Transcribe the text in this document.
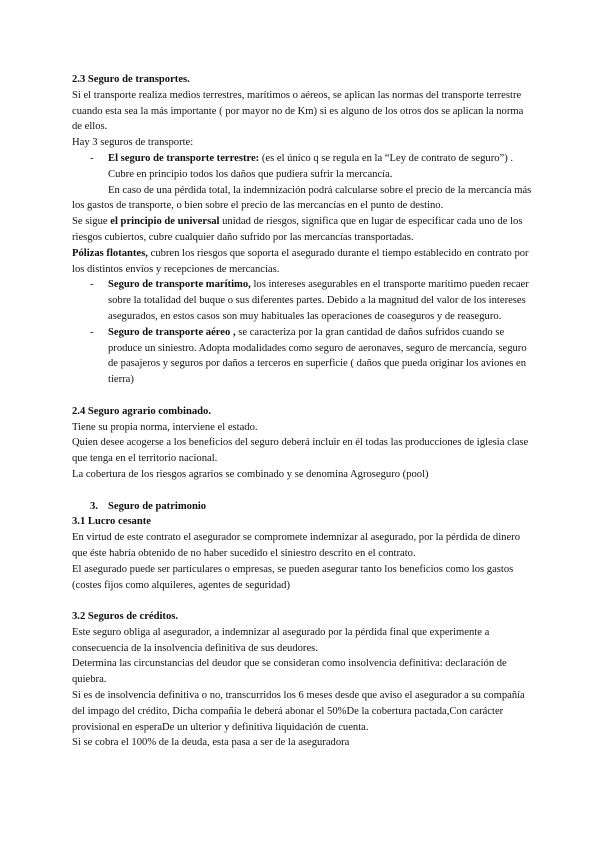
2.3 Seguro de transportes.

Si el transporte realiza medios terrestres, marítimos o aéreos, se aplican las normas del transporte terrestre cuando esta sea la más importante ( por mayor no de Km) si es alguno de los otros dos se aplican la norma de ellos.

Hay 3 seguros de transporte:

- El seguro de transporte terrestre: (es el único q se regula en la “Ley de contrato de seguro”) . Cubre en principio todos los daños que pudiera sufrir la mercancía.

En caso de una pérdida total, la indemnización podrá calcularse sobre el precio de la mercancía más los gastos de transporte, o bien sobre el precio de las mercancías en el punto de destino.

Se sigue el principio de universal unidad de riesgos, significa que en lugar de especificar cada uno de los riesgos cubiertos, cubre cualquier daño sufrido por las mercancías transportadas.

Pólizas flotantes, cubren los riesgos que soporta el asegurado durante el tiempo establecido en contrato por los distintos envíos y recepciones de mercancías.

- Seguro de transporte marítimo, los intereses asegurables en el transporte marítimo pueden recaer sobre la totalidad del buque o sus diferentes partes. Debido a la magnitud del valor de los intereses asegurados, en estos casos son muy habituales las operaciones de coaseguros y de reaseguro.
- Seguro de transporte aéreo , se caracteriza por la gran cantidad de daños sufridos cuando se produce un siniestro. Adopta modalidades como seguro de aeronaves, seguro de mercancía, seguro de pasajeros y seguros por daños a terceros en superficie ( daños que pueda originar los aviones en tierra)

2.4 Seguro agrario combinado.

Tiene su propia norma, interviene el estado.

Quien desee acogerse a los beneficios del seguro deberá incluir en él todas las producciones de iglesia clase que tenga en el territorio nacional.

La cobertura de los riesgos agrarios se combinado y se denomina Agroseguro (pool)

3. Seguro de patrimonio

3.1 Lucro cesante

En virtud de este contrato el asegurador se compromete indemnizar al asegurado, por la pérdida de dinero que éste habría obtenido de no haber sucedido el siniestro descrito en el contrato.

El asegurado puede ser particulares o empresas, se pueden asegurar tanto los beneficios como los gastos (costes fijos como alquileres, agentes de seguridad)

3.2 Seguros de créditos.

Este seguro obliga al asegurador, a indemnizar al asegurado por la pérdida final que experimente a consecuencia de la insolvencia definitiva de sus deudores.

Determina las circunstancias del deudor que se consideran como insolvencia definitiva: declaración de quiebra.

Si es de insolvencia definitiva o no, transcurridos los 6 meses desde que aviso el asegurador a su compañía del impago del crédito, Dicha compañía le deberá abonar el 50%De la cobertura pactada,Con carácter provisional en esperaDe un ulterior y definitiva liquidación de cuenta.

Si se cobra el 100% de la deuda, esta pasa a ser de la aseguradora
